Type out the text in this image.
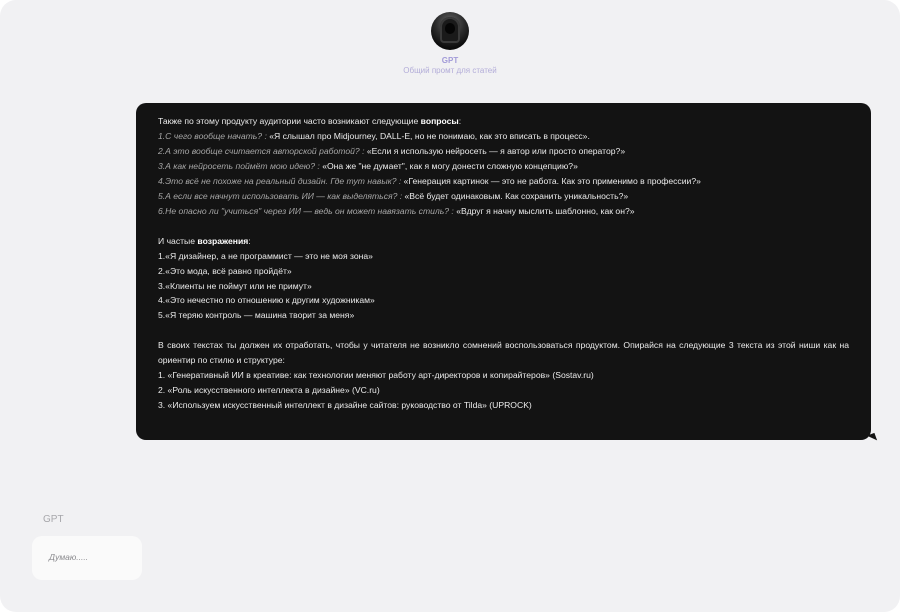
GPT
Общий промт для статей
Также по этому продукту аудитории часто возникают следующие вопросы:
1.С чего вообще начать? : «Я слышал про Midjourney, DALL-E, но не понимаю, как это вписать в процесс».
2.А это вообще считается авторской работой? : «Если я использую нейросеть — я автор или просто оператор?»
3.А как нейросеть поймёт мою идею? : «Она же "не думает", как я могу донести сложную концепцию?»
4.Это всё не похоже на реальный дизайн. Где тут навык? : «Генерация картинок — это не работа. Как это применимо в профессии?»
5.А если все начнут использовать ИИ — как выделяться? : «Всё будет одинаковым. Как сохранить уникальность?»
6.Не опасно ли "учиться" через ИИ — ведь он может навязать стиль? : «Вдруг я начну мыслить шаблонно, как он?»
И частые возражения:
1.«Я дизайнер, а не программист — это не моя зона»
2.«Это мода, всё равно пройдёт»
3.«Клиенты не поймут или не примут»
4.«Это нечестно по отношению к другим художникам»
5.«Я теряю контроль — машина творит за меня»
В своих текстах ты должен их отработать, чтобы у читателя не возникло сомнений воспользоваться продуктом. Опирайся на следующие 3 текста из этой ниши как на ориентир по стилю и структуре:
1. «Генеративный ИИ в креативе: как технологии меняют работу арт-директоров и копирайтеров» (Sostav.ru)
2. «Роль искусственного интеллекта в дизайне» (VC.ru)
3. «Используем искусственный интеллект в дизайне сайтов: руководство от Tilda» (UPROCK)
GPT
Думаю.....
